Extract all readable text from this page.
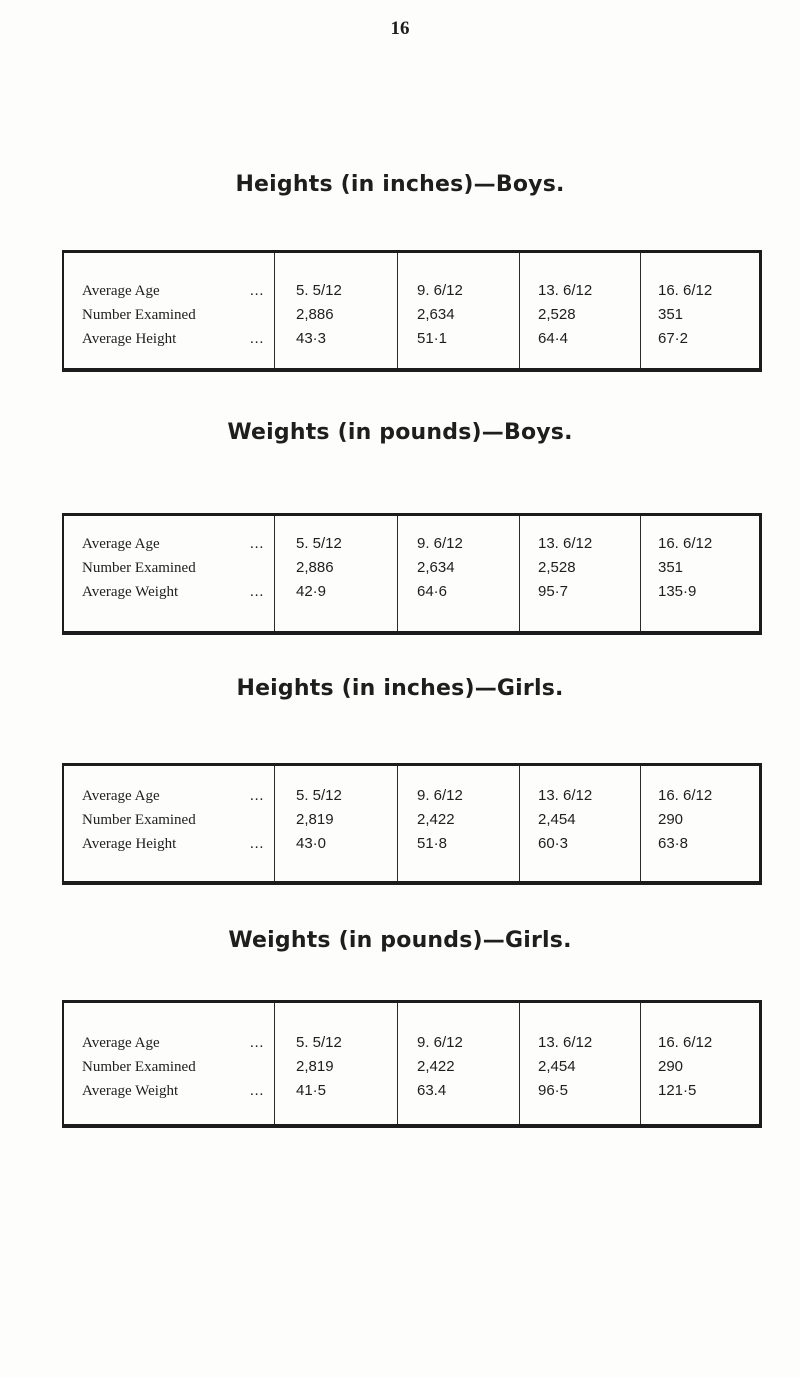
16
Heights (in inches)—Boys.
Average Age	... 5. 5/12	9. 6/12	13. 6/12	16. 6/12
Number Examined	2,886	2,634	2,528	351
Average Height	... 43·3	51·1	64·4	67·2
Weights (in pounds)—Boys.
Average Age	... 5. 5/12	9. 6/12	13. 6/12	16. 6/12
Number Examined	2,886	2,634	2,528	351
Average Weight	... 42·9	64·6	95·7	135·9
Heights (in inches)—Girls.
Average Age	... 5. 5/12	9. 6/12	13. 6/12	16. 6/12
Number Examined	2,819	2,422	2,454	290
Average Height	... 43·0	51·8	60·3	63·8
Weights (in pounds)—Girls.
Average Age	... 5. 5/12	9. 6/12	13. 6/12	16. 6/12
Number Examined	2,819	2,422	2,454	290
Average Weight	... 41·5	63.4	96·5	121·5
